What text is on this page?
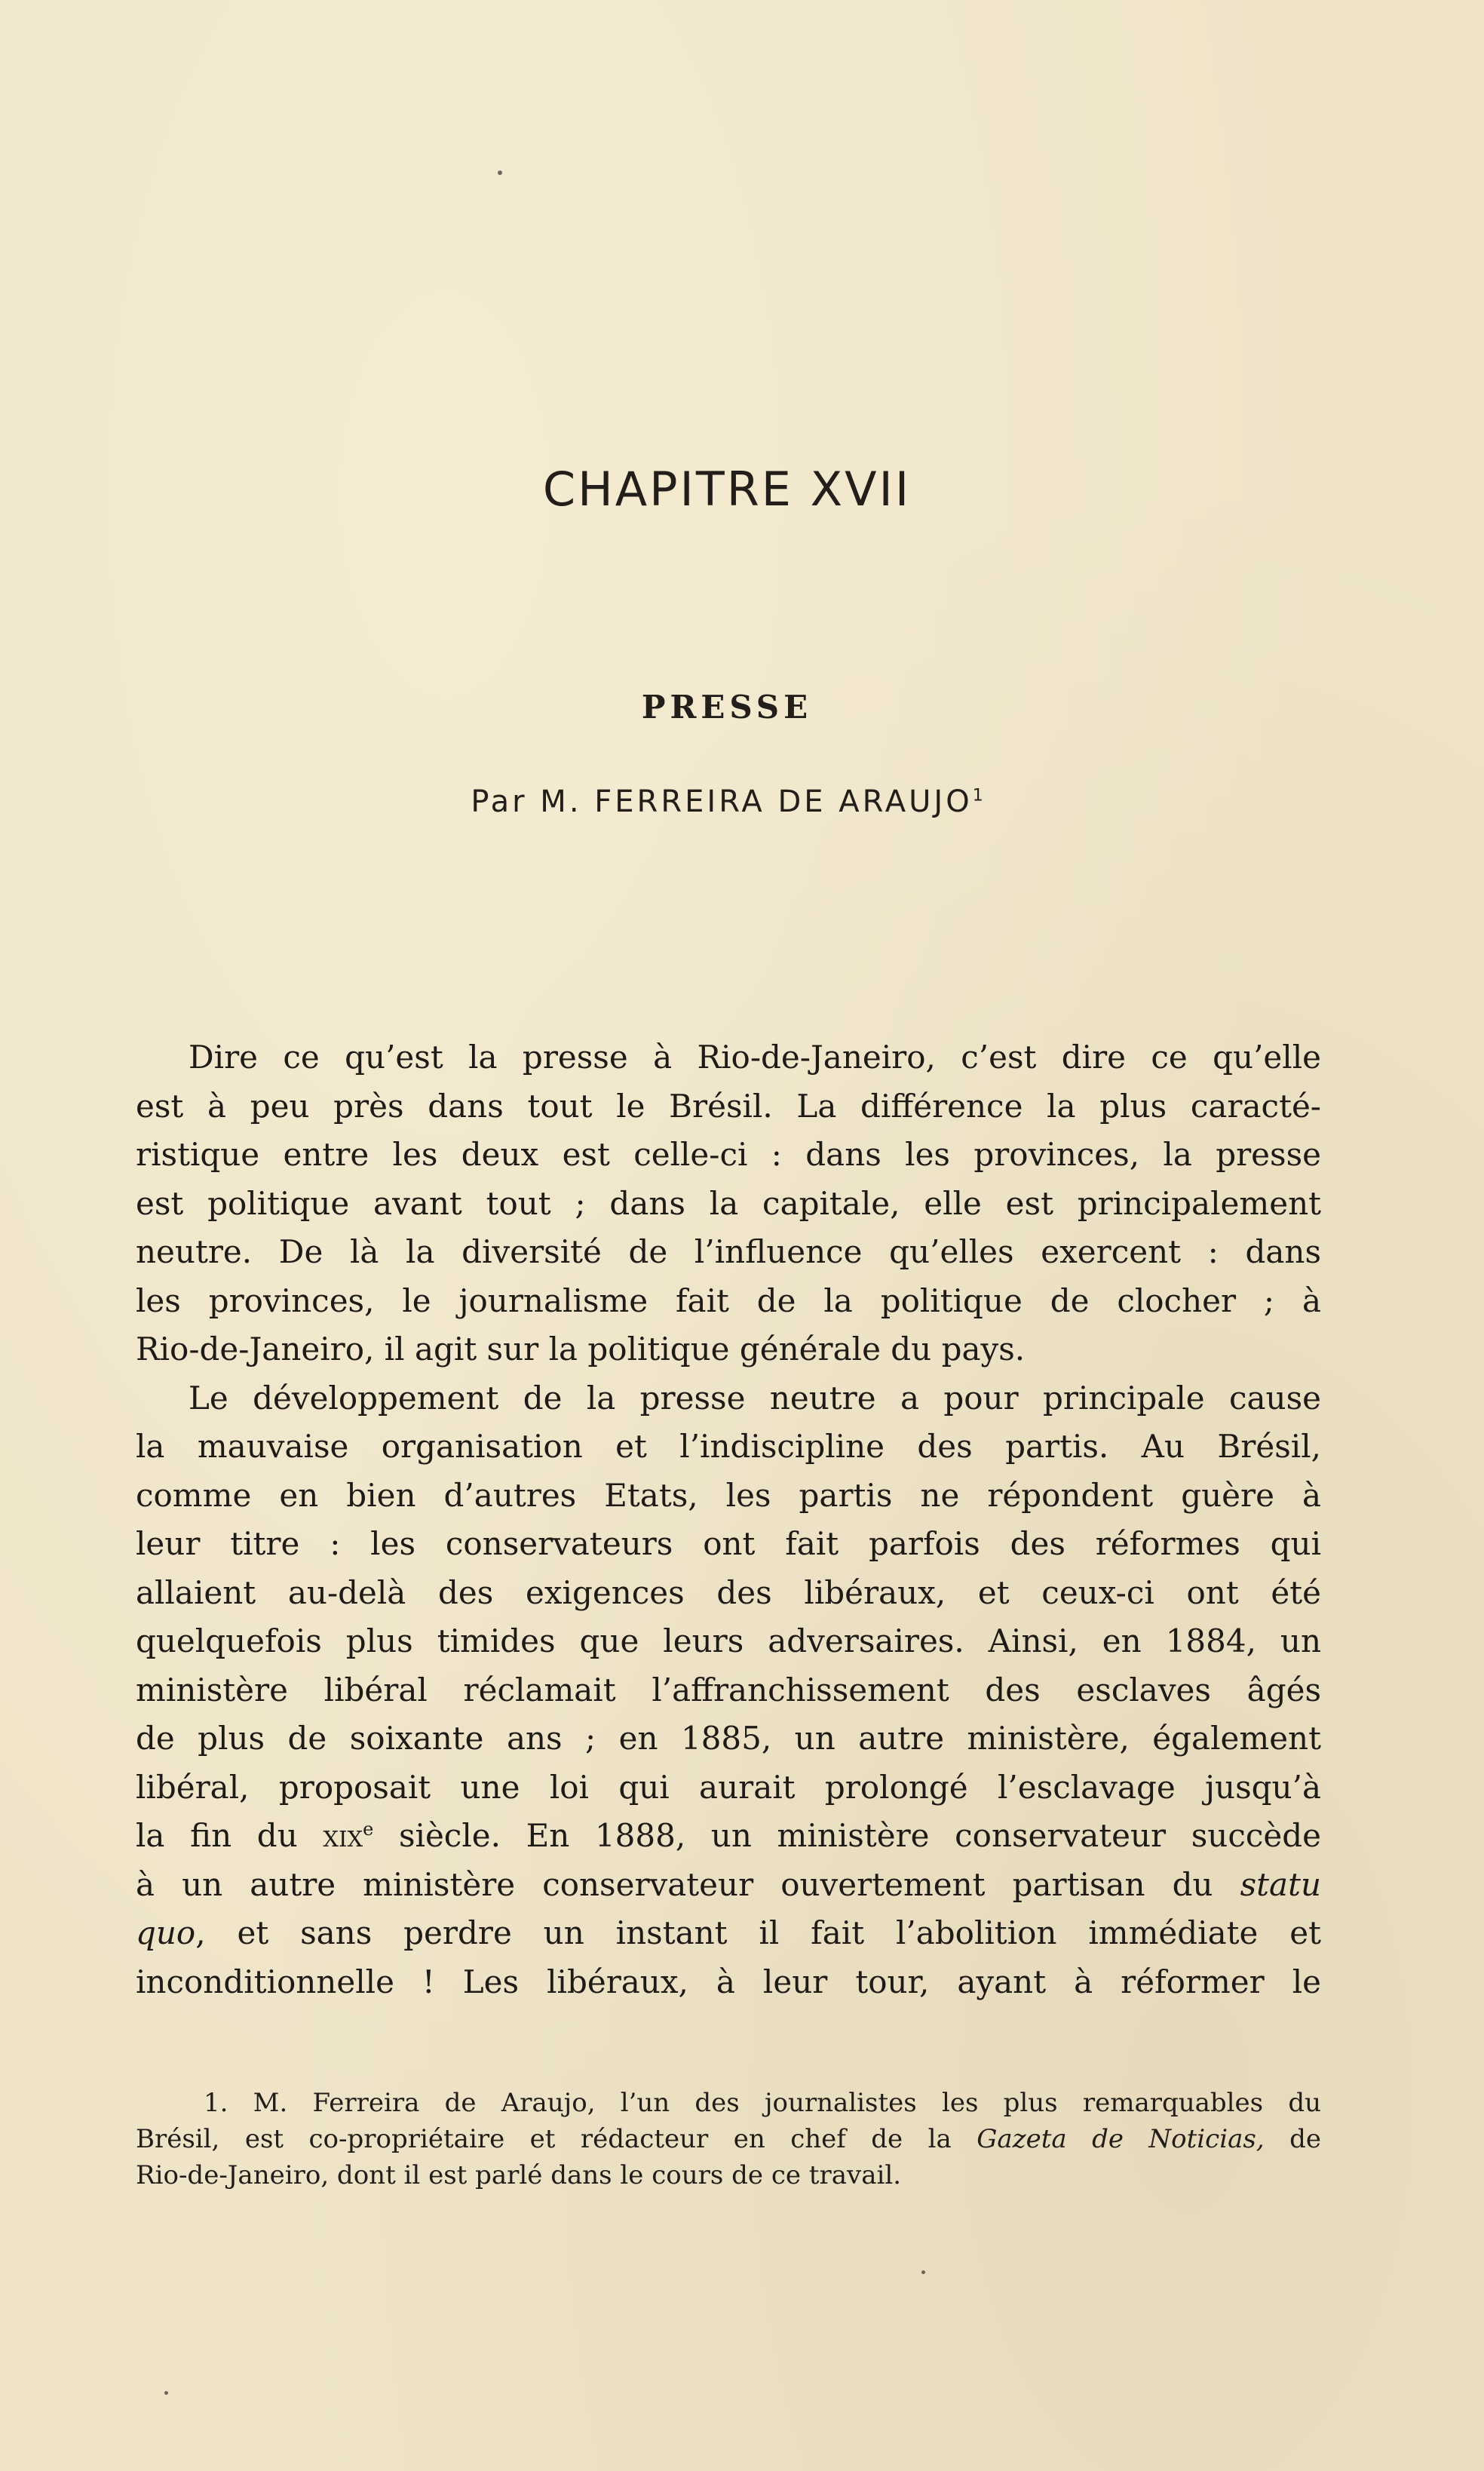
CHAPITRE XVII
PRESSE
Par M. FERREIRA DE ARAUJO$^1$

Dire ce qu’est la presse à Rio-de-Janeiro, c’est dire ce qu’elle
est à peu près dans tout le Brésil. La différence la plus caracté-
ristique entre les deux est celle-ci : dans les provinces, la presse
est politique avant tout ; dans la capitale, elle est principalement
neutre. De là la diversité de l’influence qu’elles exercent : dans
les provinces, le journalisme fait de la politique de clocher ; à
Rio-de-Janeiro, il agit sur la politique générale du pays.

Le développement de la presse neutre a pour principale cause
la mauvaise organisation et l’indiscipline des partis. Au Brésil,
comme en bien d’autres Etats, les partis ne répondent guère à
leur titre : les conservateurs ont fait parfois des réformes qui
allaient au-delà des exigences des libéraux, et ceux-ci ont été
quelquefois plus timides que leurs adversaires. Ainsi, en 1884, un
ministère libéral réclamait l’affranchissement des esclaves âgés
de plus de soixante ans ; en 1885, un autre ministère, également
libéral, proposait une loi qui aurait prolongé l’esclavage jusqu’à
la fin du xix$^e$ siècle. En 1888, un ministère conservateur succède
à un autre ministère conservateur ouvertement partisan du statu
quo, et sans perdre un instant il fait l’abolition immédiate et
inconditionnelle ! Les libéraux, à leur tour, ayant à réformer le

1. M. Ferreira de Araujo, l’un des journalistes les plus remarquables du
Brésil, est co-propriétaire et rédacteur en chef de la Gazeta de Noticias, de
Rio-de-Janeiro, dont il est parlé dans le cours de ce travail.
